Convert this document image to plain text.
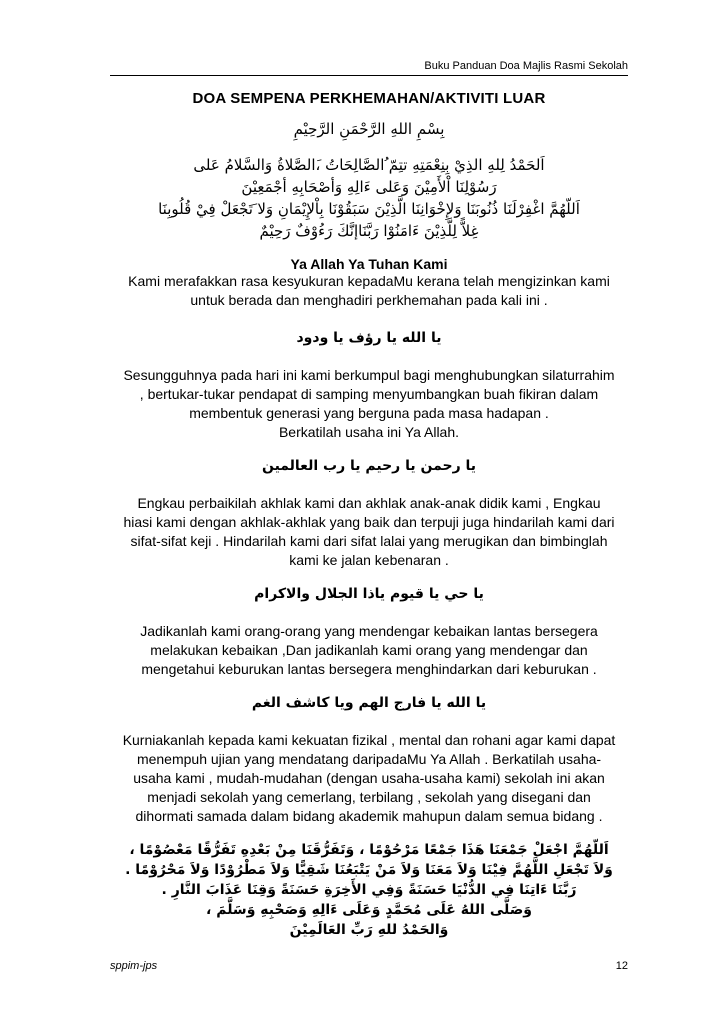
Buku Panduan Doa Majlis Rasmi Sekolah
DOA SEMPENA PERKHEMAHAN/AKTIVITI LUAR

بِسْمِ اللهِ الرَّحْمَنِ الرَّحِيْمِ

اَلحَمْدُ لِلهِ الذِيْ بِنِعْمَتِهِ تتِمّ ُالصَّالِحَاتُ ،َالصَّلاةُ وَالسَّلامُ عَلى

رَسُوْلِنَا اْلأَمِيْنَ وَعَلى ءَالِهِ وَأصْحَابِهِ أجْمَعِيْنَ

اَللّهُمَّ اغْفِرْلَنَا ذُنُوبَنَا وَلإِخْوَانِنَا الَّذِيْنَ سَبَقُوْنَا بِاْلإِيْمَانِ وَلا َتَجْعَلْ فِيْ قُلُوبِنَا

غِلاًّ لِلَّذِيْنَ ءَامَنُوْا رَبَّنَاإنَّكَ رَءُوْفٌ رَحِيْمٌ

Ya Allah Ya Tuhan Kami

Kami merafakkan rasa kesyukuran kepadaMu kerana telah mengizinkan kami

untuk berada dan menghadiri perkhemahan pada kali ini .

يا الله يا رؤف يا ودود

Sesungguhnya pada hari ini kami berkumpul bagi menghubungkan silaturrahim

, bertukar-tukar pendapat di samping menyumbangkan buah fikiran dalam

membentuk generasi yang berguna pada masa hadapan .

Berkatilah usaha ini Ya Allah.

يا رحمن يا رحيم يا رب العالمين

Engkau perbaikilah akhlak kami dan akhlak anak-anak didik kami , Engkau

hiasi kami dengan akhlak-akhlak yang baik dan terpuji juga hindarilah kami dari

sifat-sifat keji . Hindarilah kami dari sifat lalai yang merugikan dan bimbinglah

kami ke jalan kebenaran .

يا حي يا قيوم ياذا الجلال والاكرام

Jadikanlah kami orang-orang yang mendengar kebaikan lantas bersegera

melakukan kebaikan ,Dan jadikanlah kami orang yang mendengar dan

mengetahui keburukan lantas bersegera menghindarkan dari keburukan .

يا الله يا فارج الهم ويا كاشف الغم

Kurniakanlah kepada kami kekuatan fizikal , mental dan rohani agar kami dapat

menempuh ujian yang mendatang daripadaMu Ya Allah . Berkatilah usaha-

usaha kami , mudah-mudahan (dengan usaha-usaha kami) sekolah ini akan

menjadi sekolah yang cemerlang, terbilang , sekolah yang disegani dan

dihormati samada dalam bidang akademik mahupun dalam semua bidang .

اَللّهُمَّ اجْعَلْ جَمْعَنَا هَذَا جَمْعًا مَرْحُوْمًا ، وَتَفَرُّقَنَا مِنْ بَعْدِهِ تَفَرُّقًا مَعْصُوْمًا ،

وَلاَ تَجْعَلِ اللَّهُمَّ فِيْنَا وَلاَ مَعَنَا وَلاَ مَنْ يَتْبَعُنَا شَقِيًّا وَلاَ مَطْرُوْدًا وَلاَ مَحْرُوْمًا .

رَبَّنَا ءَاتِنَا فِي الدُّنْيَا حَسَنَةً وَفِي الأَخِرَةِ حَسَنَةً وَقِنَا عَذَابَ النَّارِ .

وَصَلَّى اللهُ عَلَى مُحَمَّدٍ وَعَلَى ءَالِهِ وَصَحْبِهِ وَسَلَّمَ ،

وَالحَمْدُ للهِ رَبِّ العَالَمِيْنَ

sppim-jps	12
